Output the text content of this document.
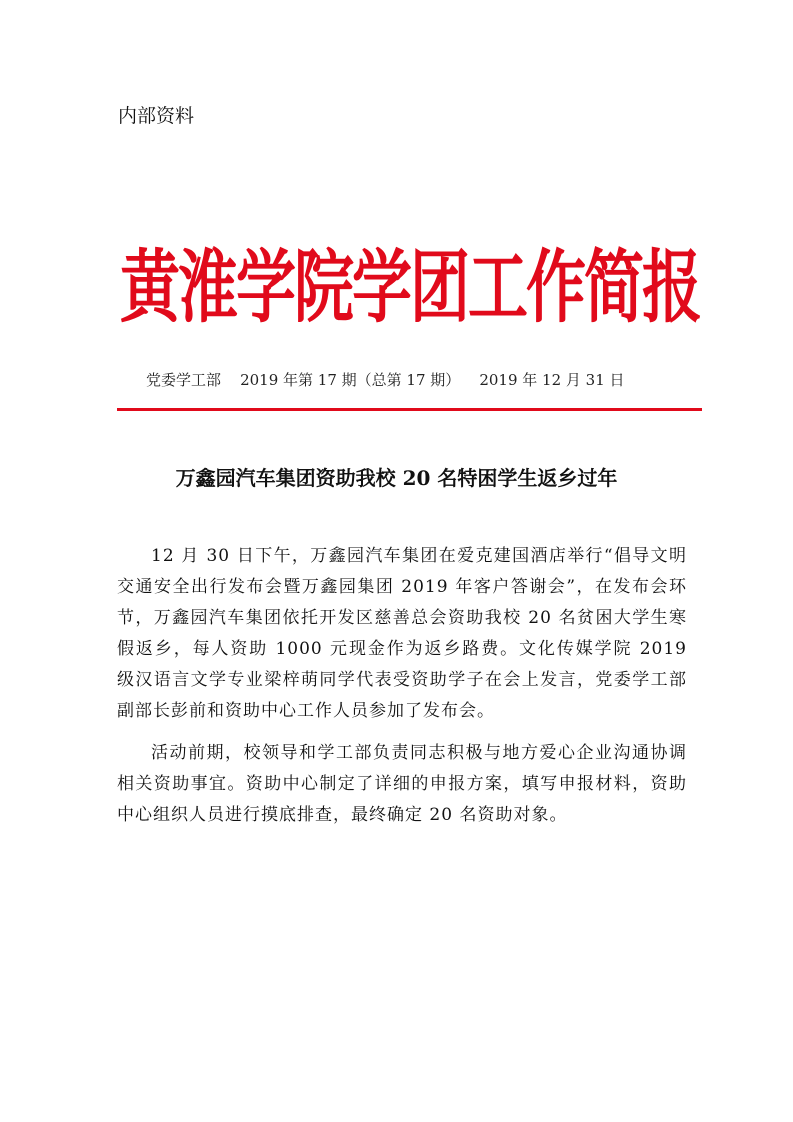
内部资料
黄淮学院学团工作简报
党委学工部    2019 年第 17 期（总第 17 期）    2019 年 12 月 31 日
万鑫园汽车集团资助我校 20 名特困学生返乡过年

12 月 30 日下午，万鑫园汽车集团在爱克建国酒店举行“倡导文明交通安全出行发布会暨万鑫园集团 2019 年客户答谢会”，在发布会环节，万鑫园汽车集团依托开发区慈善总会资助我校 20 名贫困大学生寒假返乡，每人资助 1000 元现金作为返乡路费。文化传媒学院 2019 级汉语言文学专业梁梓萌同学代表受资助学子在会上发言，党委学工部副部长彭前和资助中心工作人员参加了发布会。

活动前期，校领导和学工部负责同志积极与地方爱心企业沟通协调相关资助事宜。资助中心制定了详细的申报方案，填写申报材料，资助中心组织人员进行摸底排查，最终确定 20 名资助对象。
